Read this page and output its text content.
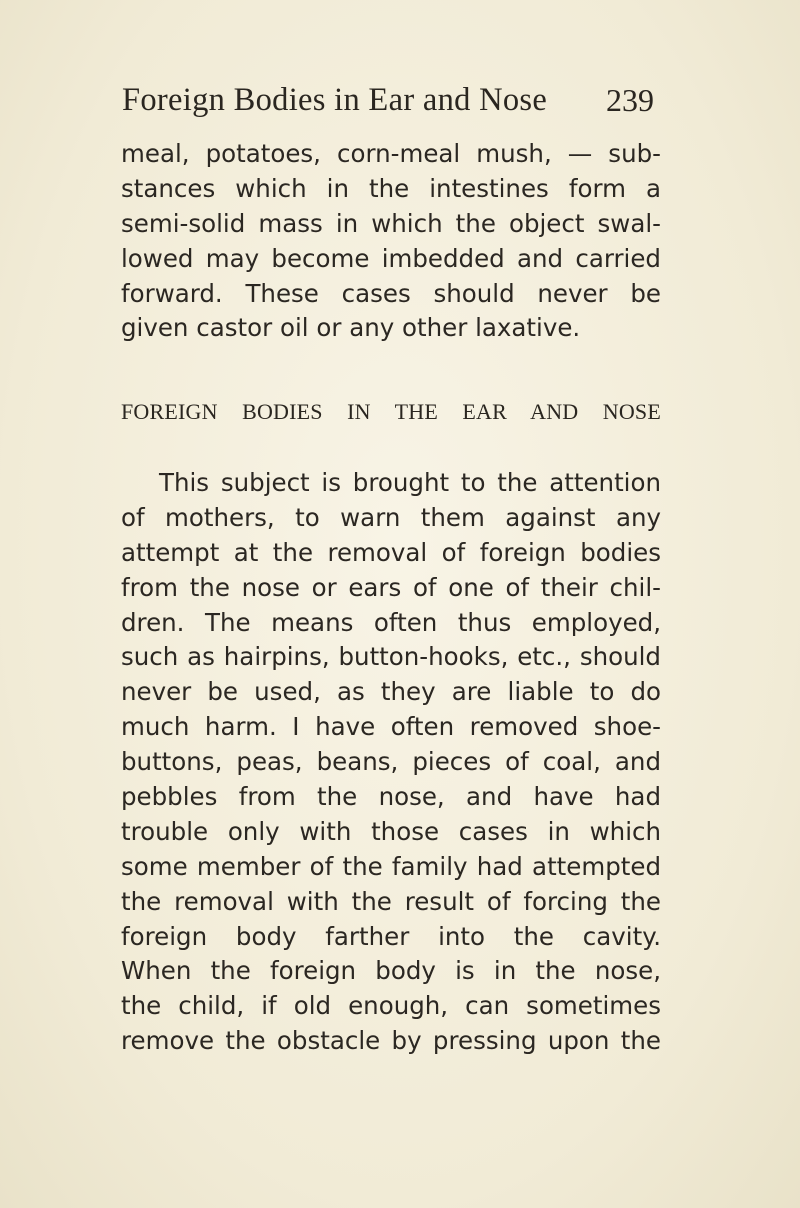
Foreign Bodies in Ear and Nose 239
meal, potatoes, corn-meal mush, — sub-
stances which in the intestines form a
semi-solid mass in which the object swal-
lowed may become imbedded and carried
forward. These cases should never be
given castor oil or any other laxative.
FOREIGN BODIES IN THE EAR AND NOSE
This subject is brought to the attention
of mothers, to warn them against any
attempt at the removal of foreign bodies
from the nose or ears of one of their chil-
dren. The means often thus employed,
such as hairpins, button-hooks, etc., should
never be used, as they are liable to do
much harm. I have often removed shoe-
buttons, peas, beans, pieces of coal, and
pebbles from the nose, and have had
trouble only with those cases in which
some member of the family had attempted
the removal with the result of forcing the
foreign body farther into the cavity.
When the foreign body is in the nose,
the child, if old enough, can sometimes
remove the obstacle by pressing upon the
